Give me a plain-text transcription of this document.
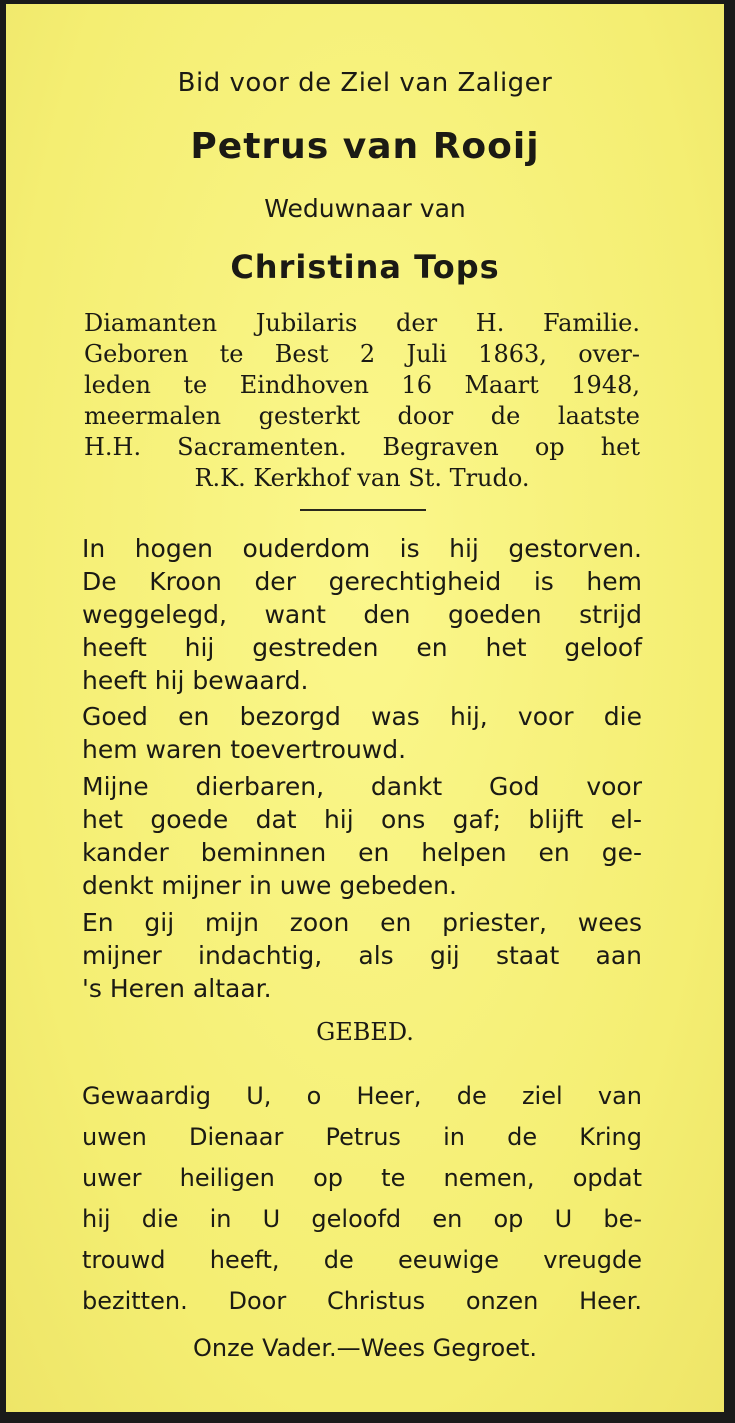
Bid voor de Ziel van Zaliger
Petrus van Rooij
Weduwnaar van
Christina Tops
Diamanten Jubilaris der H. Familie.
Geboren te Best 2 Juli 1863, over-
leden te Eindhoven 16 Maart 1948,
meermalen gesterkt door de laatste
H.H. Sacramenten. Begraven op het
R.K. Kerkhof van St. Trudo.
In hogen ouderdom is hij gestorven.
De Kroon der gerechtigheid is hem
weggelegd, want den goeden strijd
heeft hij gestreden en het geloof
heeft hij bewaard.
Goed en bezorgd was hij, voor die
hem waren toevertrouwd.
Mijne dierbaren, dankt God voor
het goede dat hij ons gaf; blijft el-
kander beminnen en helpen en ge-
denkt mijner in uwe gebeden.
En gij mijn zoon en priester, wees
mijner indachtig, als gij staat aan
's Heren altaar.
GEBED.
Gewaardig U, o Heer, de ziel van
uwen Dienaar Petrus in de Kring
uwer heiligen op te nemen, opdat
hij die in U geloofd en op U be-
trouwd heeft, de eeuwige vreugde
bezitten. Door Christus onzen Heer.
Onze Vader.—Wees Gegroet.
